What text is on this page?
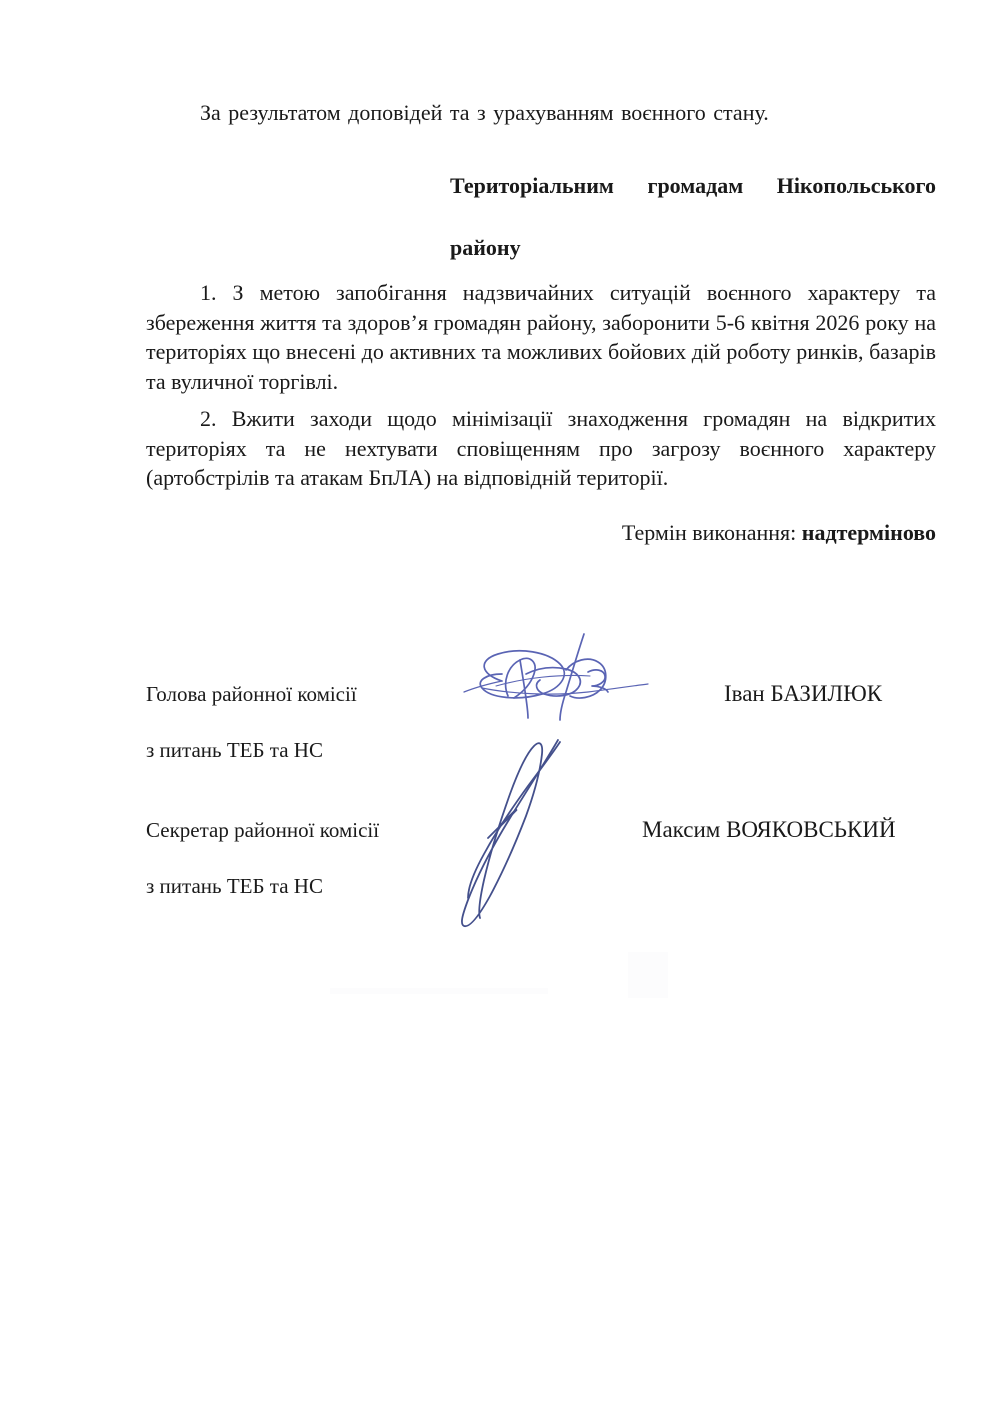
За результатом доповідей та з урахуванням воєнного стану.
Територіальним громадам Нікопольського
району
1. З метою запобігання надзвичайних ситуацій воєнного характеру та збереження життя та здоров’я громадян району, заборонити 5-6 квітня 2026 року на територіях що внесені до активних та можливих бойових дій роботу ринків, базарів та вуличної торгівлі.
2. Вжити заходи щодо мінімізації знаходження громадян на відкритих територіях та не нехтувати сповіщенням про загрозу воєнного характеру (артобстрілів та атакам БпЛА) на відповідній території.
Термін виконання: надтерміново

Голова районної комісії

з питань ТЕБ та НС

Іван БАЗИЛЮК

Секретар районної комісії

з питань ТЕБ та НС

Максим ВОЯКОВСЬКИЙ
